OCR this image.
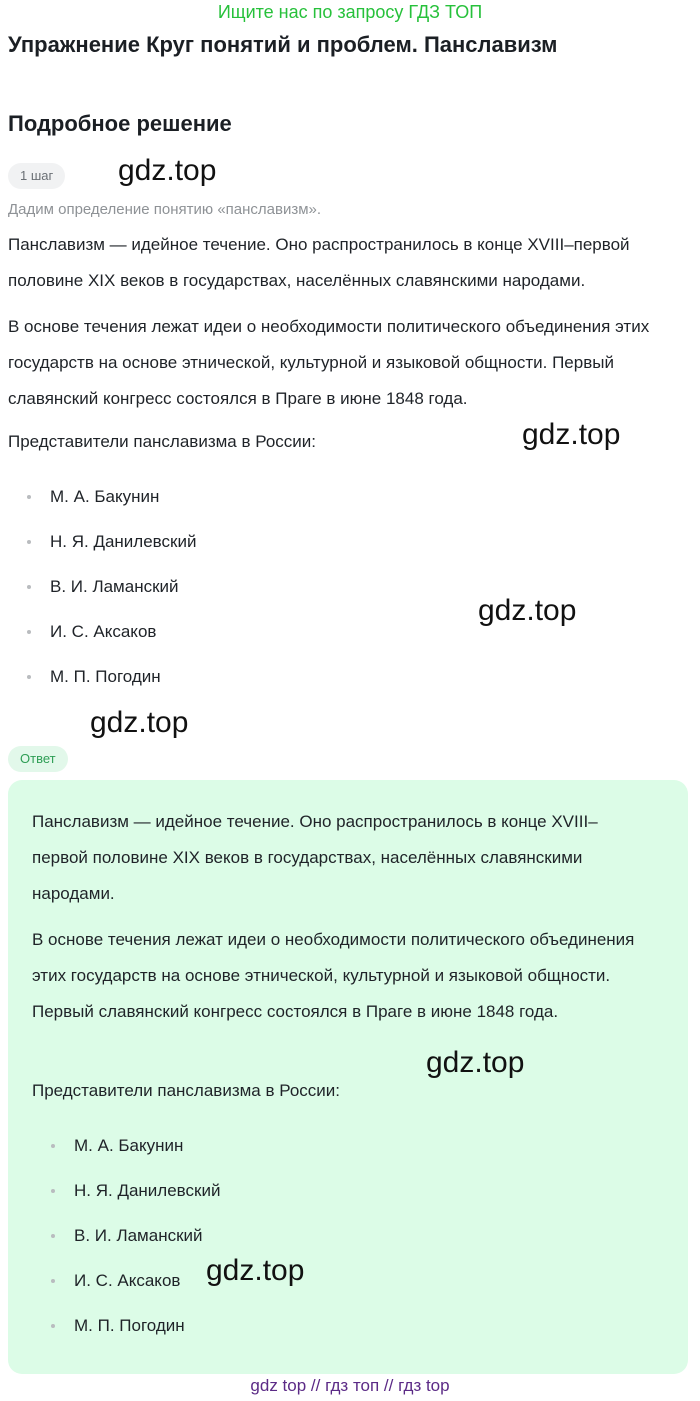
Ищите нас по запросу ГДЗ ТОП
Упражнение Круг понятий и проблем. Панславизм
Подробное решение
1 шаг
Дадим определение понятию «панславизм».

Панславизм — идейное течение. Оно распространилось в конце XVIII–первой половине XIX веков в государствах, населённых славянскими народами.

В основе течения лежат идеи о необходимости политического объединения этих государств на основе этнической, культурной и языковой общности. Первый славянский конгресс состоялся в Праге в июне 1848 года.

Представители панславизма в России:

М. А. Бакунин
Н. Я. Данилевский
В. И. Ламанский
И. С. Аксаков
М. П. Погодин
Ответ

Панславизм — идейное течение. Оно распространилось в конце XVIII–первой половине XIX веков в государствах, населённых славянскими народами.

В основе течения лежат идеи о необходимости политического объединения этих государств на основе этнической, культурной и языковой общности. Первый славянский конгресс состоялся в Праге в июне 1848 года.

Представители панславизма в России:

М. А. Бакунин
Н. Я. Данилевский
В. И. Ламанский
И. С. Аксаков
М. П. Погодин
gdz.top
gdz.top
gdz.top
gdz.top
gdz.top
gdz.top
gdz top // гдз топ // гдз top
